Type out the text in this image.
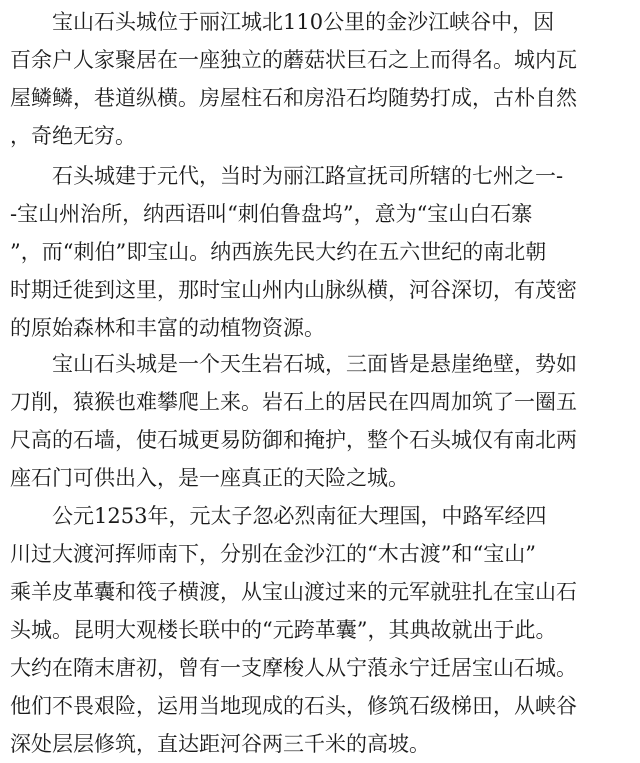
　　宝山石头城位于丽江城北110公里的金沙江峡谷中，因
百余户人家聚居在一座独立的蘑菇状巨石之上而得名。城内瓦
屋鳞鳞，巷道纵横。房屋柱石和房沿石均随势打成，古朴自然
，奇绝无穷。
　　石头城建于元代，当时为丽江路宣抚司所辖的七州之一-
-宝山州治所，纳西语叫“刺伯鲁盘坞”，意为“宝山白石寨
”，而“刺伯”即宝山。纳西族先民大约在五六世纪的南北朝
时期迁徙到这里，那时宝山州内山脉纵横，河谷深切，有茂密
的原始森林和丰富的动植物资源。
　　宝山石头城是一个天生岩石城，三面皆是悬崖绝壁，势如
刀削，猿猴也难攀爬上来。岩石上的居民在四周加筑了一圈五
尺高的石墙，使石城更易防御和掩护，整个石头城仅有南北两
座石门可供出入，是一座真正的天险之城。
　　公元1253年，元太子忽必烈南征大理国，中路军经四
川过大渡河挥师南下，分别在金沙江的“木古渡”和“宝山”
乘羊皮革囊和筏子横渡，从宝山渡过来的元军就驻扎在宝山石
头城。昆明大观楼长联中的“元跨革囊”，其典故就出于此。
大约在隋末唐初，曾有一支摩梭人从宁蒗永宁迁居宝山石城。
他们不畏艰险，运用当地现成的石头，修筑石级梯田，从峡谷
深处层层修筑，直达距河谷两三千米的高坡。
